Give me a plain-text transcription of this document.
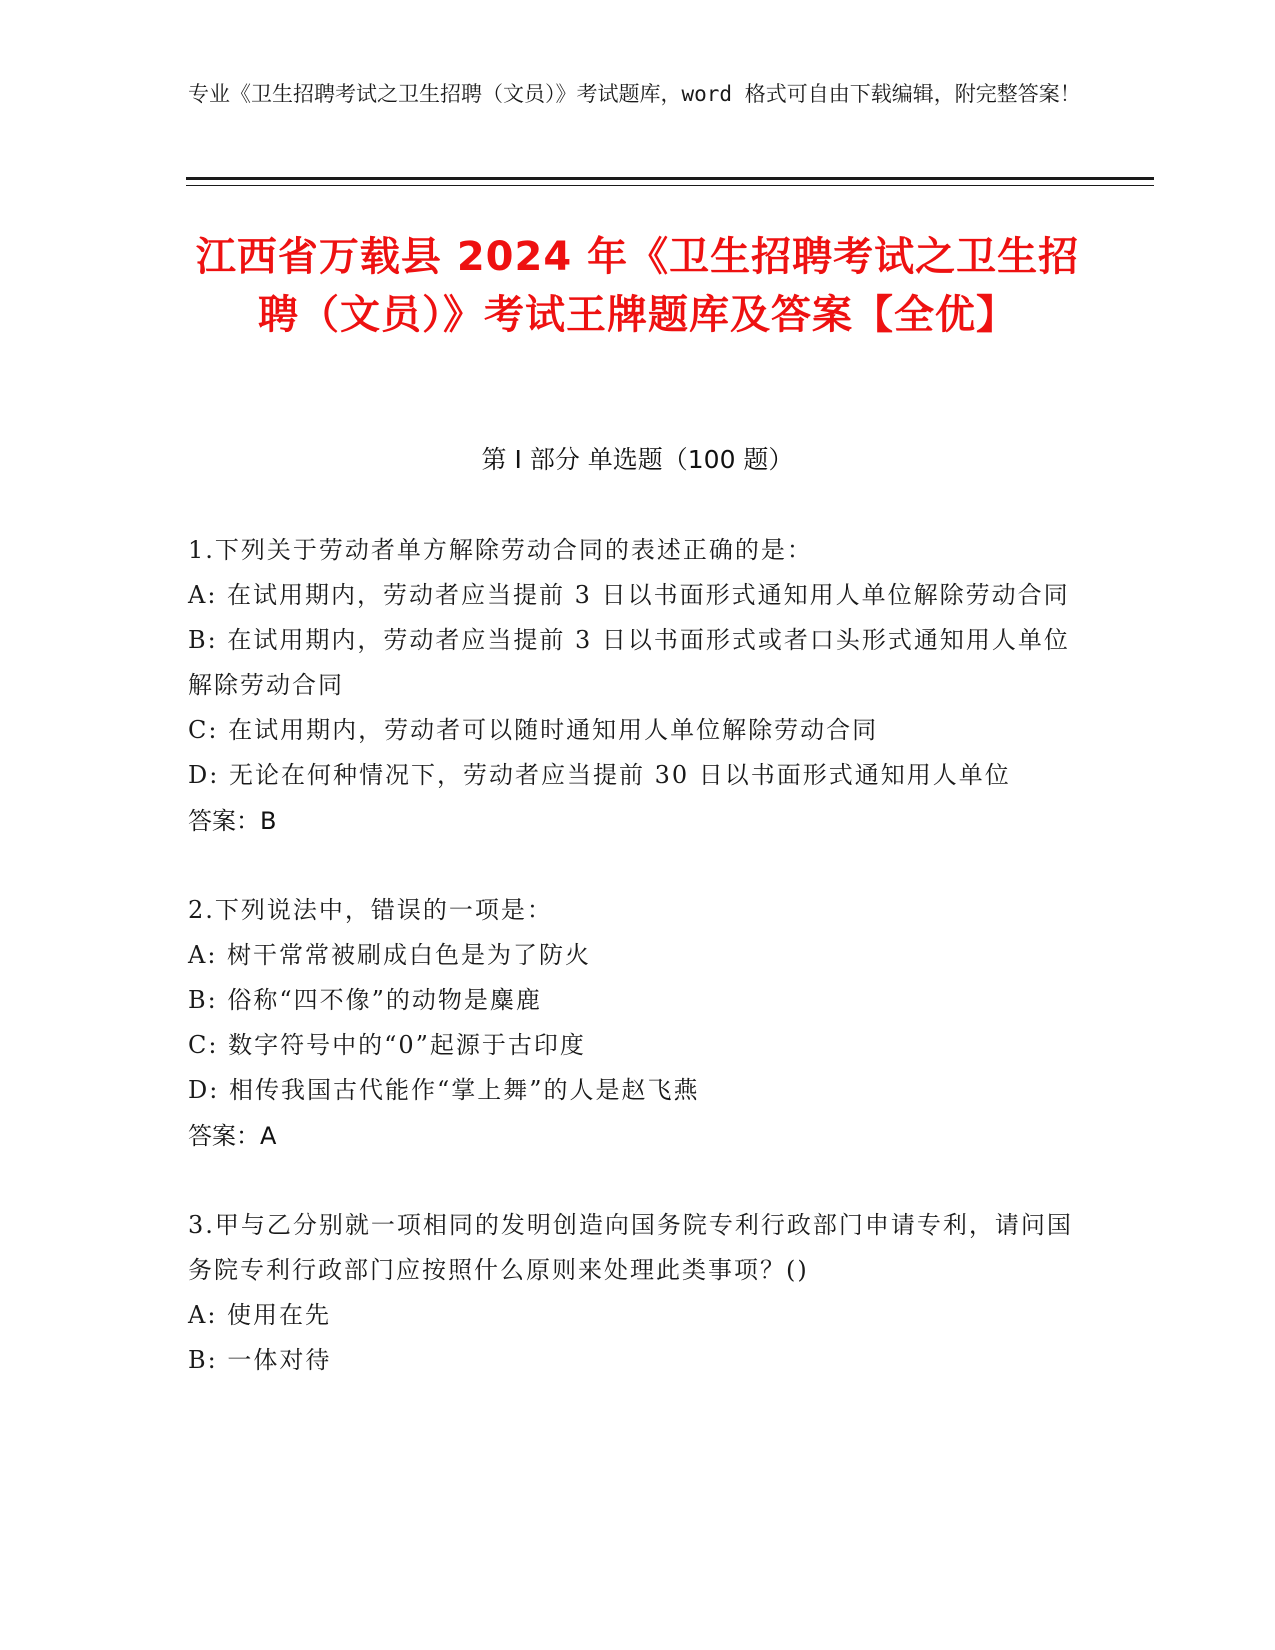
专业《卫生招聘考试之卫生招聘（文员）》考试题库，word 格式可自由下载编辑，附完整答案！
江西省万载县 2024 年《卫生招聘考试之卫生招聘（文员）》考试王牌题库及答案【全优】
第 I 部分 单选题（100 题）
1.下列关于劳动者单方解除劳动合同的表述正确的是：
A: 在试用期内，劳动者应当提前 3 日以书面形式通知用人单位解除劳动合同
B: 在试用期内，劳动者应当提前 3 日以书面形式或者口头形式通知用人单位解除劳动合同
C: 在试用期内，劳动者可以随时通知用人单位解除劳动合同
D: 无论在何种情况下，劳动者应当提前 30 日以书面形式通知用人单位
答案：B
2.下列说法中，错误的一项是：
A: 树干常常被刷成白色是为了防火
B: 俗称“四不像”的动物是麋鹿
C: 数字符号中的“0”起源于古印度
D: 相传我国古代能作“掌上舞”的人是赵飞燕
答案：A
3.甲与乙分别就一项相同的发明创造向国务院专利行政部门申请专利，请问国务院专利行政部门应按照什么原则来处理此类事项？()
A: 使用在先
B: 一体对待
